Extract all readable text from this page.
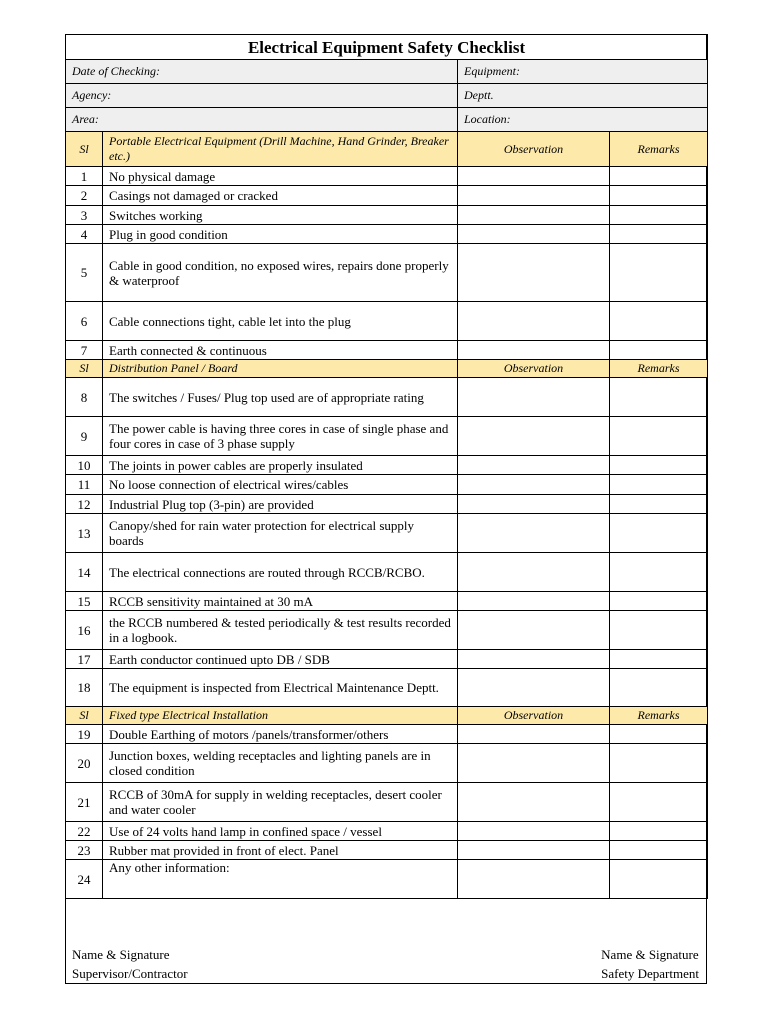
Electrical Equipment Safety Checklist			
Date of Checking:		Equipment:	
Agency:		Deptt.	
Area:		Location:	
Sl	Portable Electrical Equipment (Drill Machine, Hand Grinder, Breaker etc.)	Observation	Remarks
1	No physical damage		
2	Casings not damaged or cracked		
3	Switches working		
4	Plug in good condition		
5	Cable in good condition, no exposed wires, repairs done properly & waterproof		
6	Cable connections tight, cable let into the plug		
7	Earth connected & continuous		
Sl	Distribution Panel / Board	Observation	Remarks
8	The switches / Fuses/ Plug top used are of appropriate rating		
9	The power cable is having three cores in case of single phase and four cores in case of 3 phase supply		
10	The joints in power cables are properly insulated		
11	No loose connection of electrical wires/cables		
12	Industrial Plug top (3-pin) are provided		
13	Canopy/shed for rain water protection for electrical supply boards		
14	The electrical connections are routed through RCCB/RCBO.		
15	RCCB sensitivity maintained at 30 mA		
16	the RCCB numbered & tested periodically & test results recorded in a logbook.		
17	Earth conductor continued upto DB / SDB		
18	The equipment is inspected from Electrical Maintenance Deptt.		
Sl	Fixed type Electrical Installation	Observation	Remarks
19	Double Earthing of motors /panels/transformer/others		
20	Junction boxes, welding receptacles and lighting panels are in closed condition		
21	RCCB of 30mA for supply in welding receptacles, desert cooler and water cooler		
22	Use of 24 volts hand lamp in confined space / vessel		
23	Rubber mat provided in front of elect. Panel		
24	Any other information:		
Name & Signature
Supervisor/Contractor
Name & Signature
Safety Department
